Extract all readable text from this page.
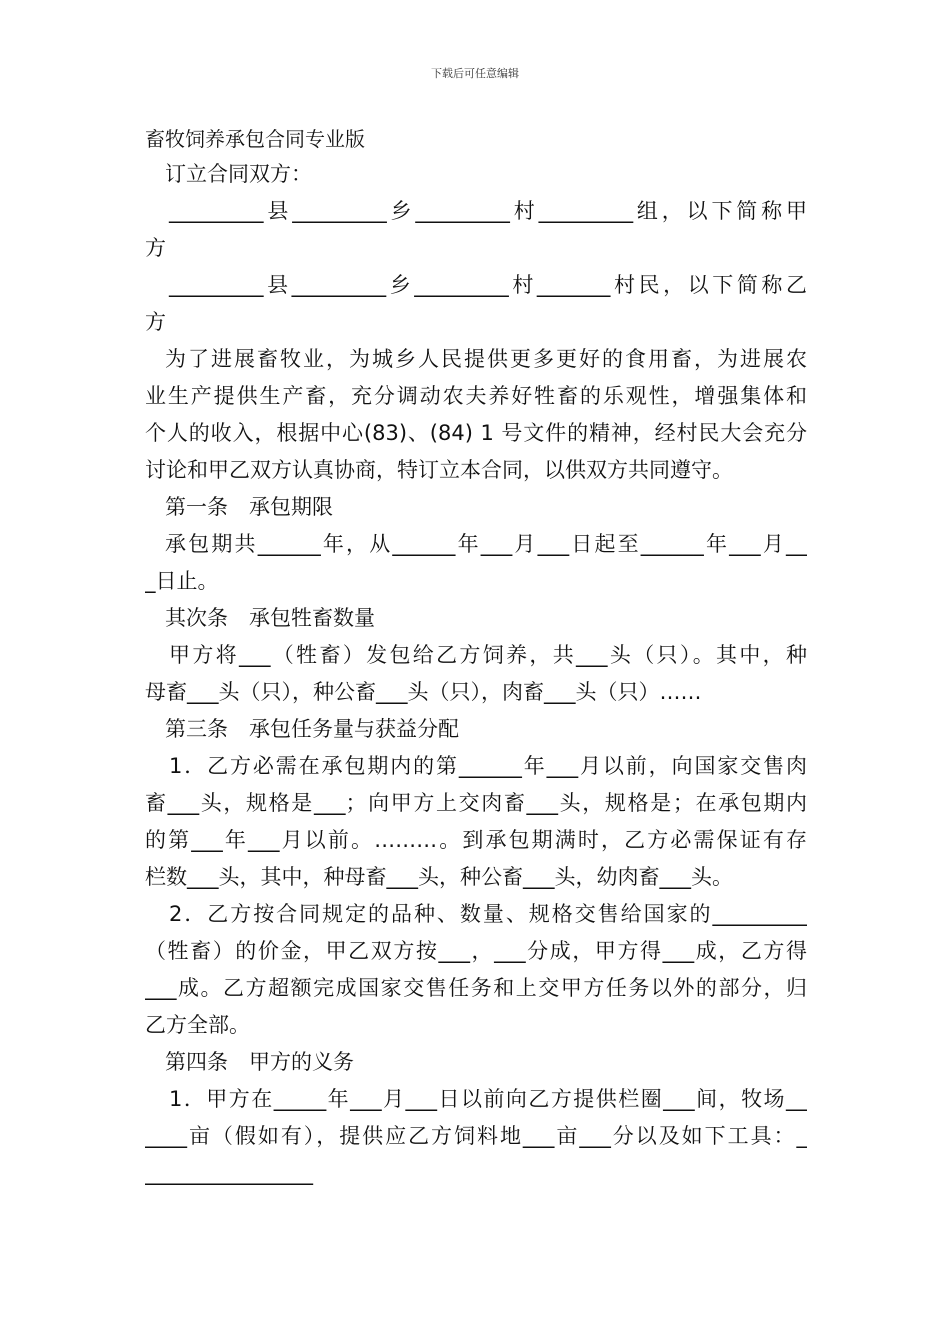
下载后可任意编辑
畜牧饲养承包合同专业版
订立合同双方：
_________县_________乡_________村_________组，以下简称甲
方
_________县_________乡_________村_______村民，以下简称乙
方
为了进展畜牧业，为城乡人民提供更多更好的食用畜，为进展农
业生产提供生产畜，充分调动农夫养好牲畜的乐观性，增强集体和
个人的收入，根据中心(83)、(84) 1 号文件的精神，经村民大会充分
讨论和甲乙双方认真协商，特订立本合同，以供双方共同遵守。
第一条　承包期限
承包期共______年，从______年___月___日起至______年___月__
_日止。
其次条　承包牲畜数量
甲方将___（牲畜）发包给乙方饲养，共___头（只）。其中，种
母畜___头（只），种公畜___头（只），肉畜___头（只）……
第三条　承包任务量与获益分配
1．乙方必需在承包期内的第______年___月以前，向国家交售肉
畜___头，规格是___；向甲方上交肉畜___头，规格是；在承包期内
的第___年___月以前。………。到承包期满时，乙方必需保证有存
栏数___头，其中，种母畜___头，种公畜___头，幼肉畜___头。
2．乙方按合同规定的品种、数量、规格交售给国家的_________
（牲畜）的价金，甲乙双方按___，___分成，甲方得___成，乙方得
___成。乙方超额完成国家交售任务和上交甲方任务以外的部分，归
乙方全部。
第四条　甲方的义务
1．甲方在_____年___月___日以前向乙方提供栏圈___间，牧场__
____亩（假如有），提供应乙方饲料地___亩___分以及如下工具：_
________________
